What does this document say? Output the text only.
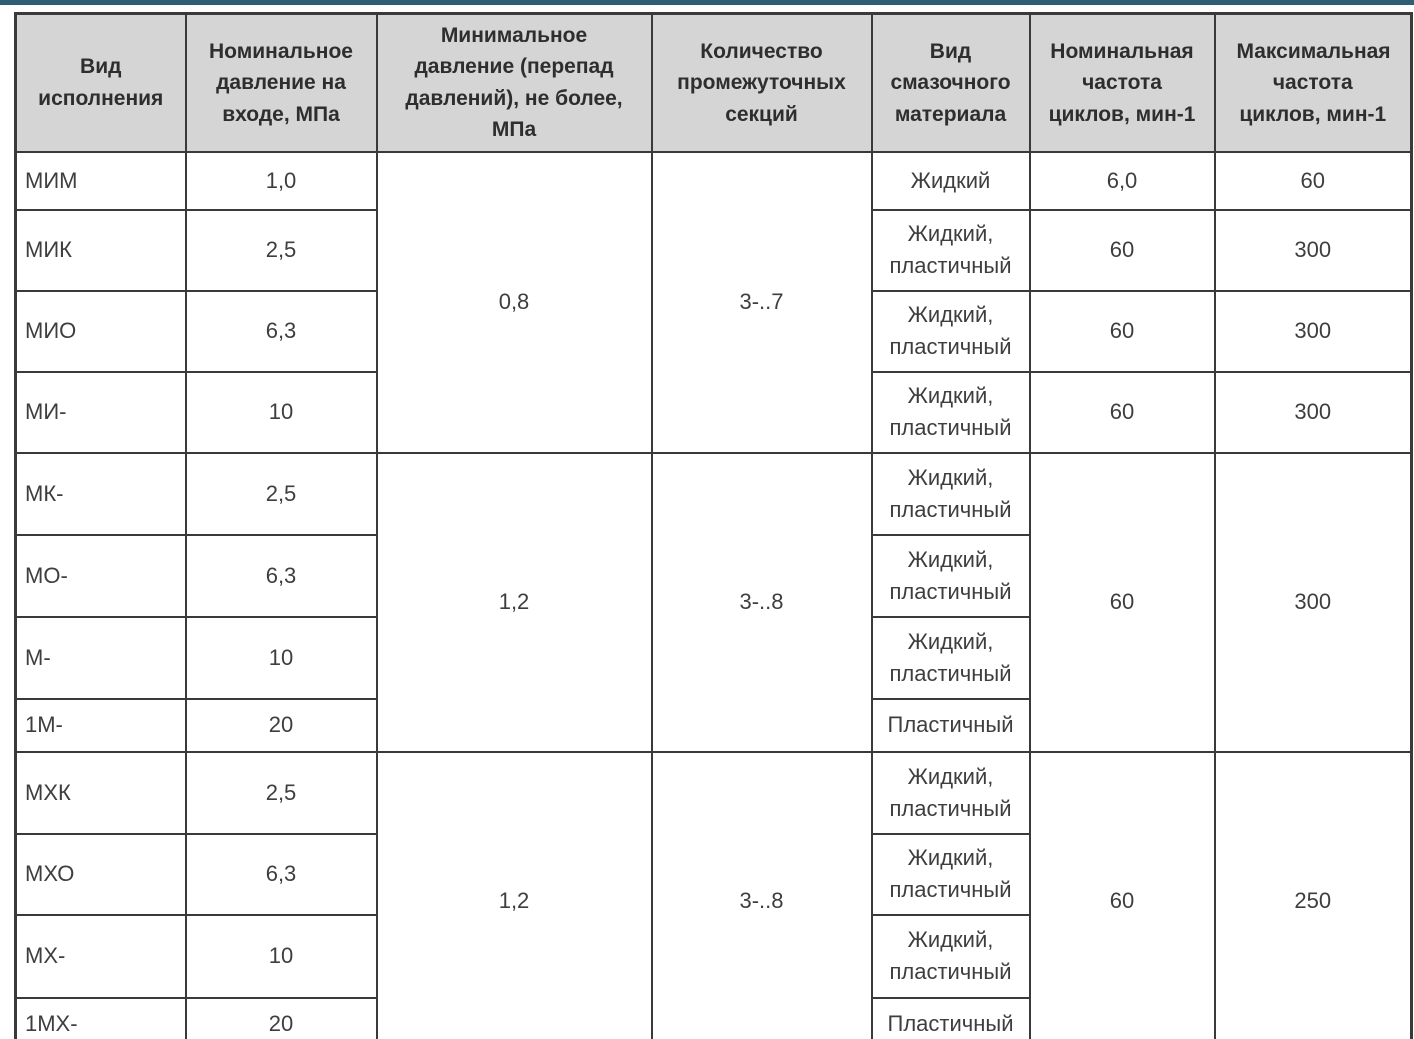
Вид исполнения	Номинальное давление на входе, МПа	Минимальное давление (перепад давлений), не более, МПа	Количество промежуточных секций	Вид смазочного материала	Номинальная частота циклов, мин-1	Максимальная частота циклов, мин-1
МИМ	1,0	0,8	3-..7	Жидкий	6,0	60
МИК	2,5			Жидкий, пластичный	60	300
МИО	6,3			Жидкий, пластичный	60	300
МИ-	10			Жидкий, пластичный	60	300
МК-	2,5	1,2	3-..8	Жидкий, пластичный	60	300
МО-	6,3			Жидкий, пластичный		
М-	10			Жидкий, пластичный		
1М-	20			Пластичный		
МХК	2,5	1,2	3-..8	Жидкий, пластичный	60	250
МХО	6,3			Жидкий, пластичный		
МХ-	10			Жидкий, пластичный		
1МХ-	20			Пластичный		
